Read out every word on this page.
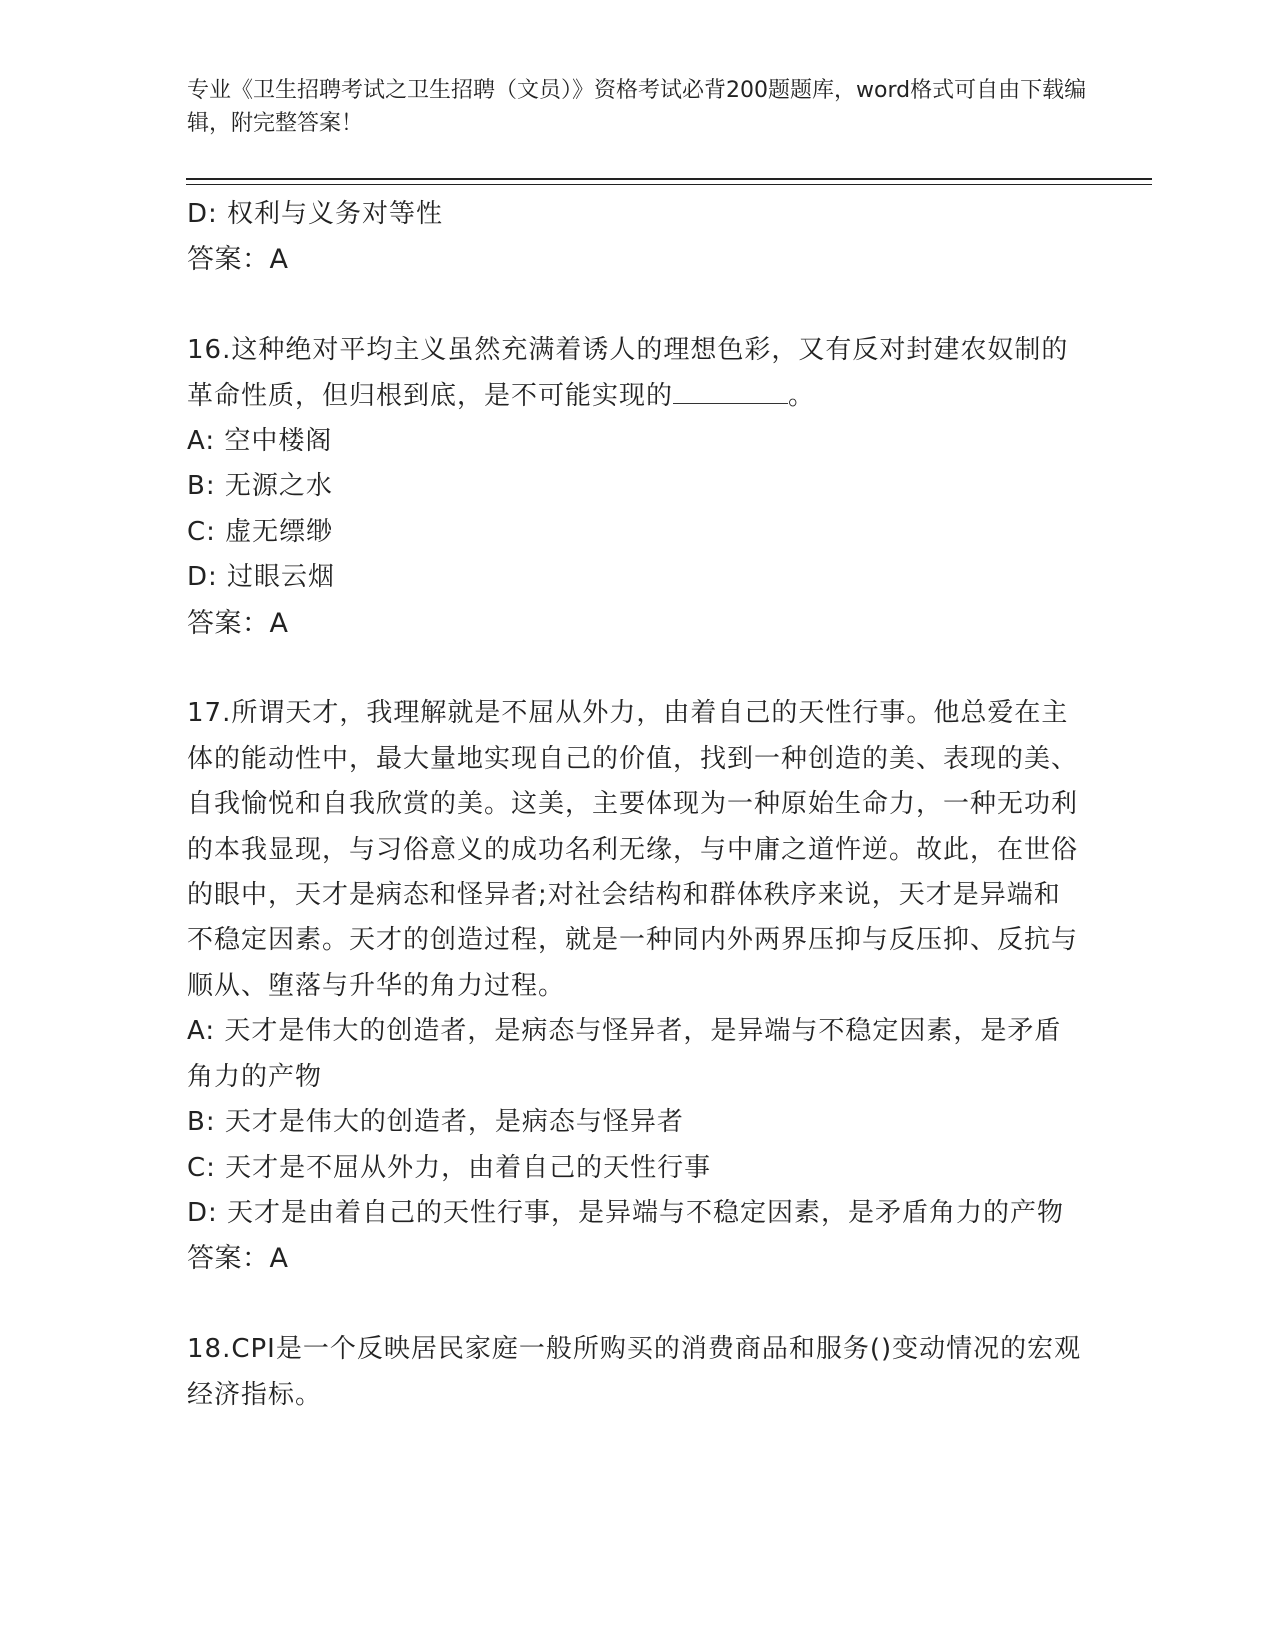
专业《卫生招聘考试之卫生招聘（文员）》资格考试必背200题题库，word格式可自由下载编辑，附完整答案！
D: 权利与义务对等性
答案：A
16.这种绝对平均主义虽然充满着诱人的理想色彩，又有反对封建农奴制的革命性质，但归根到底，是不可能实现的	。
A: 空中楼阁
B: 无源之水
C: 虚无缥缈
D: 过眼云烟
答案：A
17.所谓天才，我理解就是不屈从外力，由着自己的天性行事。他总爱在主体的能动性中，最大量地实现自己的价值，找到一种创造的美、表现的美、自我愉悦和自我欣赏的美。这美，主要体现为一种原始生命力，一种无功利的本我显现，与习俗意义的成功名利无缘，与中庸之道忤逆。故此，在世俗的眼中，天才是病态和怪异者;对社会结构和群体秩序来说，天才是异端和不稳定因素。天才的创造过程，就是一种同内外两界压抑与反压抑、反抗与顺从、堕落与升华的角力过程。
A: 天才是伟大的创造者，是病态与怪异者，是异端与不稳定因素，是矛盾角力的产物
B: 天才是伟大的创造者，是病态与怪异者
C: 天才是不屈从外力，由着自己的天性行事
D: 天才是由着自己的天性行事，是异端与不稳定因素，是矛盾角力的产物
答案：A
18.CPI是一个反映居民家庭一般所购买的消费商品和服务()变动情况的宏观经济指标。
